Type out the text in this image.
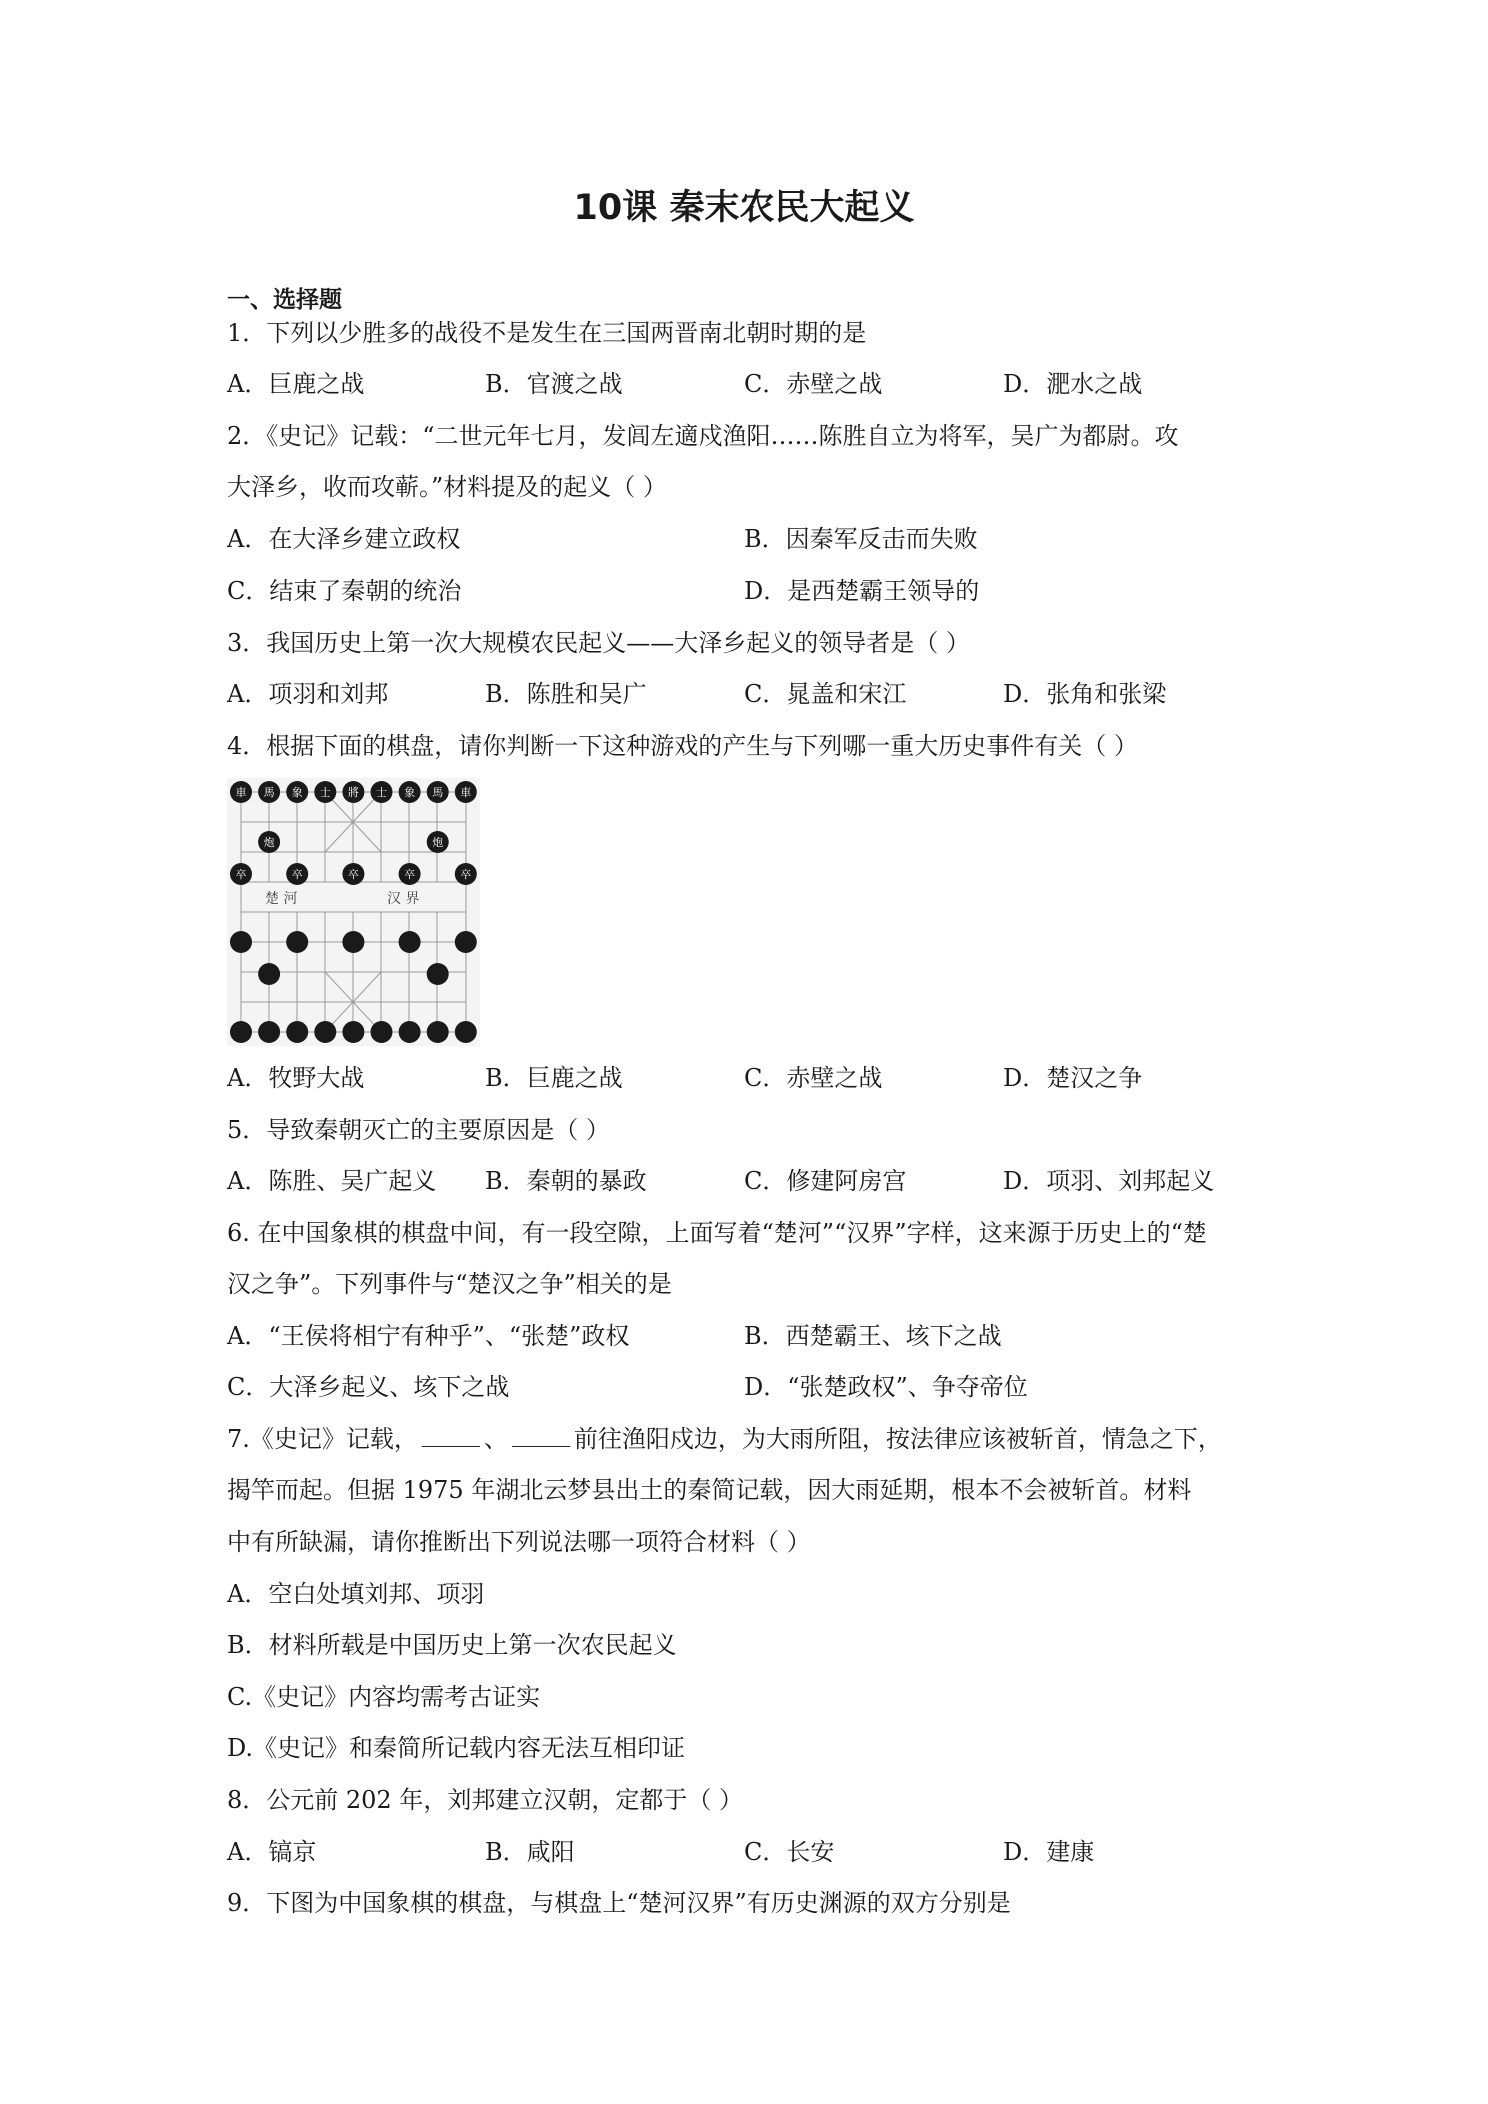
10课 秦末农民大起义
一、选择题
1．下列以少胜多的战役不是发生在三国两晋南北朝时期的是
A．巨鹿之战	B．官渡之战	C．赤壁之战	D．淝水之战
2．《史记》记载：“二世元年七月，发闾左適戍渔阳……陈胜自立为将军，吴广为都尉。攻
大泽乡，收而攻蕲。”材料提及的起义（ ）
A．在大泽乡建立政权	B．因秦军反击而失败
C．结束了秦朝的统治	D．是西楚霸王领导的
3．我国历史上第一次大规模农民起义——大泽乡起义的领导者是（ ）
A．项羽和刘邦	B．陈胜和吴广	C．晁盖和宋江	D．张角和张梁
4．根据下面的棋盘，请你判断一下这种游戏的产生与下列哪一重大历史事件有关（ ）
楚 河	汉 界
車 馬 象 士 將 士 象 馬 車
炮	炮
卒	卒	卒	卒	卒
A．牧野大战	B．巨鹿之战	C．赤壁之战	D．楚汉之争
5．导致秦朝灭亡的主要原因是（ ）
A．陈胜、吴广起义 B．秦朝的暴政	C．修建阿房宫	D．项羽、刘邦起义
6. 在中国象棋的棋盘中间，有一段空隙，上面写着“楚河”“汉界”字样，这来源于历史上的“楚
汉之争”。下列事件与“楚汉之争”相关的是
A．“王侯将相宁有种乎”、“张楚”政权	B．西楚霸王、垓下之战
C．大泽乡起义、垓下之战	D．“张楚政权”、争夺帝位
7.《史记》记载，	、	前往渔阳戍边，为大雨所阻，按法律应该被斩首，情急之下，
揭竿而起。但据 1975 年湖北云梦县出土的秦简记载，因大雨延期，根本不会被斩首。材料
中有所缺漏，请你推断出下列说法哪一项符合材料（ ）
A．空白处填刘邦、项羽
B．材料所载是中国历史上第一次农民起义
C.《史记》内容均需考古证实
D.《史记》和秦简所记载内容无法互相印证
8．公元前 202 年，刘邦建立汉朝，定都于（ ）
A．镐京	B．咸阳	C．长安	D．建康
9．下图为中国象棋的棋盘，与棋盘上“楚河汉界”有历史渊源的双方分别是
